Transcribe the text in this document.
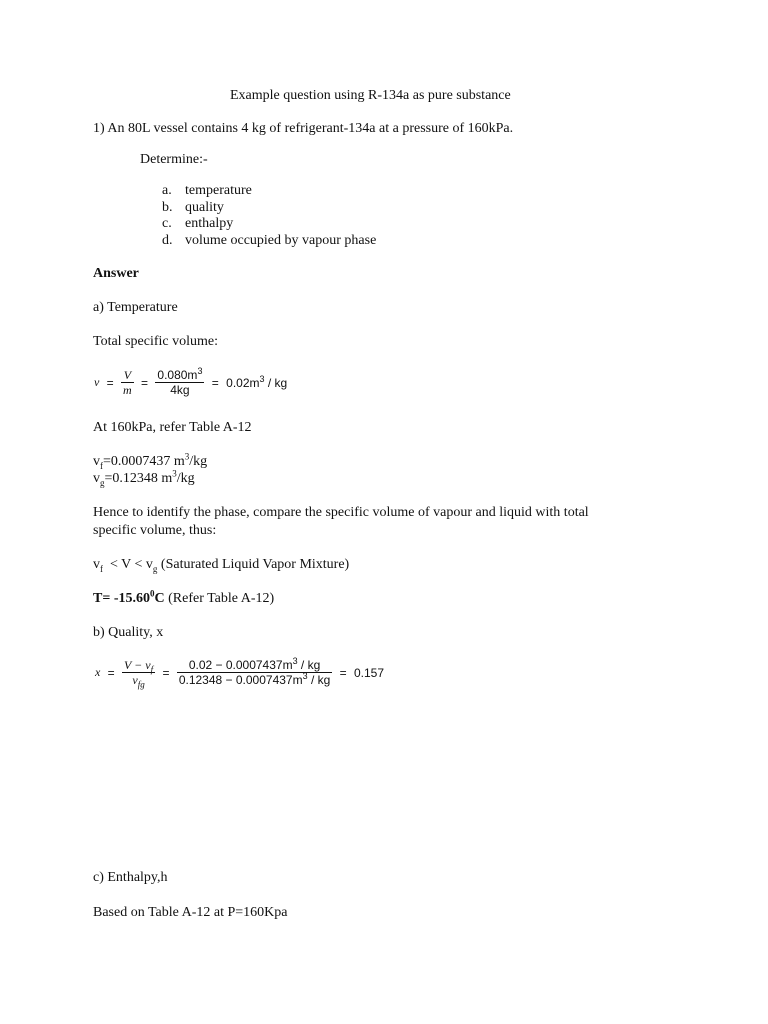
Example question using R-134a as pure substance
1) An 80L vessel contains 4 kg of refrigerant-134a at a pressure of 160kPa.
Determine:-
a. temperature
b. quality
c. enthalpy
d. volume occupied by vapour phase
Answer
a) Temperature
Total specific volume:
$v = \frac{V}{m} = \frac{0.080m^3}{4kg} = 0.02m^3$ / kg
At 160kPa, refer Table A-12
$v_f=0.0007437$ $m^3/kg$
$v_g=0.12348$ $m^3/kg$
Hence to identify the phase, compare the specific volume of vapour and liquid with total
specific volume, thus:
$v_f < V < v_g$ (Saturated Liquid Vapor Mixture)
$T= -15.60^0C$ (Refer Table A-12)
b) Quality, x
$x = \frac{V - v_f}{v_{fg}} = \frac{0.02 - 0.0007437m^3 / kg}{0.12348 - 0.0007437m^3 / kg} = 0.157$
c) Enthalpy,h
Based on Table A-12 at P=160Kpa
